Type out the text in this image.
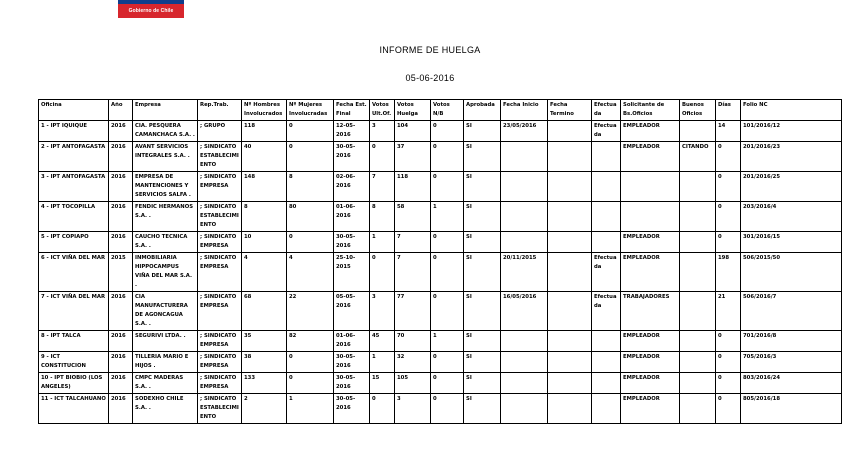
Gobierno de Chile
INFORME DE HUELGA
05-06-2016
Oficina	Año	Empresa	Rep.Trab.	Nº Hombres Involucrados	Nº Mujeres Involucradas	Fecha Est. Final	Votos Ult.Of.	Votos Huelga	Votos N/B	Aprobada	Fecha Inicio	Fecha Termino	Efectuada	Solicitante de Bs.Oficios	Buenos Oficios	Días	Folio NC
1 - IPT IQUIQUE	2016	CIA. PESQUERA CAMANCHACA S.A. .	; GRUPO	118	0	12-05-2016	3	104	0	SI	23/05/2016		Efectuada	EMPLEADOR		14	101/2016/12
2 - IPT ANTOFAGASTA	2016	AVANT SERVICIOS INTEGRALES S.A. .	; SINDICATO ESTABLECIMIENTO	40	0	30-05-2016	0	37	0	SI				EMPLEADOR	CITANDO	0	201/2016/23
3 - IPT ANTOFAGASTA	2016	EMPRESA DE MANTENCIONES Y SERVICIOS SALFA .	; SINDICATO EMPRESA	148	8	02-06-2016	7	118	0	SI						0	201/2016/25
4 - IPT TOCOPILLA	2016	FENDIC HERMANOS S.A. .	; SINDICATO ESTABLECIMIENTO	8	80	01-06-2016	8	58	1	SI						0	203/2016/4
5 - IPT COPIAPO	2016	CAUCHO TECNICA S.A. .	; SINDICATO EMPRESA	10	0	30-05-2016	1	7	0	SI				EMPLEADOR		0	301/2016/15
6 - ICT VIÑA DEL MAR	2015	INMOBILIARIA HIPPOCAMPUS VIÑA DEL MAR S.A. .	; SINDICATO EMPRESA	4	4	25-10-2015	0	7	0	SI	20/11/2015		Efectuada	EMPLEADOR		198	506/2015/50
7 - ICT VIÑA DEL MAR	2016	CIA MANUFACTURERA DE AGONCAGUA S.A. .	; SINDICATO EMPRESA	68	22	05-05-2016	3	77	0	SI	16/05/2016		Efectuada	TRABAJADORES		21	506/2016/7
8 - IPT TALCA	2016	SEGURIVI LTDA. .	; SINDICATO EMPRESA	35	82	01-06-2016	45	70	1	SI				EMPLEADOR		0	701/2016/8
9 - ICT CONSTITUCION	2016	TILLERIA MARIO E HIJOS .	; SINDICATO EMPRESA	38	0	30-05-2016	1	32	0	SI				EMPLEADOR		0	705/2016/3
10 - IPT BIOBIO (LOS ANGELES)	2016	CMPC MADERAS S.A. .	; SINDICATO EMPRESA	133	0	30-05-2016	15	105	0	SI				EMPLEADOR		0	803/2016/24
11 - ICT TALCAHUANO	2016	SODEXHO CHILE S.A. .	; SINDICATO ESTABLECIMIENTO	2	1	30-05-2016	0	3	0	SI				EMPLEADOR		0	805/2016/18
